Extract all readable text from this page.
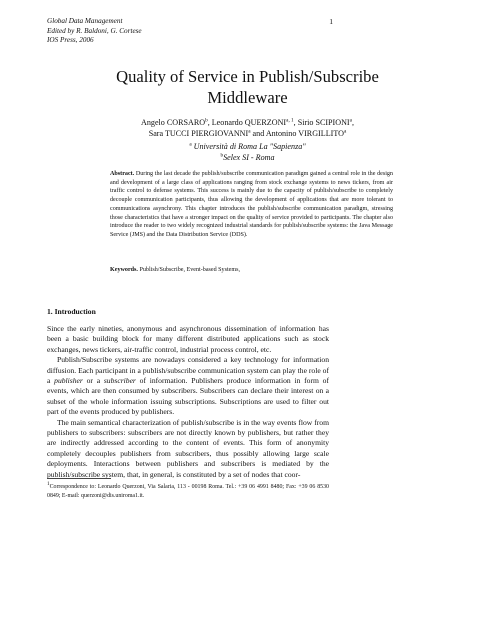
Global Data Management
Edited by R. Baldoni, G. Cortese
IOS Press, 2006
1
Quality of Service in Publish/Subscribe
Middleware
Angelo CORSARO$^b$, Leonardo QUERZONI$^{a, 1}$, Sirio SCIPIONI$^a$,
Sara TUCCI PIERGIOVANNI$^a$ and Antonino VIRGILLITO$^a$
$^a$ Università di Roma La "Sapienza"
$^b$Selex SI - Roma
Abstract. During the last decade the publish/subscribe communication paradigm gained a central role in the design and development of a large class of applications ranging from stock exchange systems to news tickers, from air traffic control to defense systems. This success is mainly due to the capacity of publish/subscribe to completely decouple communication participants, thus allowing the development of applications that are more tolerant to communications asynchrony. This chapter introduces the publish/subscribe communication paradigm, stressing those characteristics that have a stronger impact on the quality of service provided to participants. The chapter also introduce the reader to two widely recognized industrial standards for publish/subscribe systems: the Java Message Service (JMS) and the Data Distribution Service (DDS).
Keywords. Publish/Subscribe, Event-based Systems,
1. Introduction

Since the early nineties, anonymous and asynchronous dissemination of information has been a basic building block for many different distributed applications such as stock exchanges, news tickers, air-traffic control, industrial process control, etc.

Publish/Subscribe systems are nowadays considered a key technology for information diffusion. Each participant in a publish/subscribe communication system can play the role of a publisher or a subscriber of information. Publishers produce information in form of events, which are then consumed by subscribers. Subscribers can declare their interest on a subset of the whole information issuing subscriptions. Subscriptions are used to filter out part of the events produced by publishers.

The main semantical characterization of publish/subscribe is in the way events flow from publishers to subscribers: subscribers are not directly known by publishers, but rather they are indirectly addressed according to the content of events. This form of anonymity completely decouples publishers from subscribers, thus possibly allowing large scale deployments. Interactions between publishers and subscribers is mediated by the publish/subscribe system, that, in general, is constituted by a set of nodes that coor-

$^1$Correspondence to: Leonardo Querzoni, Via Salaria, 113 - 00198 Roma. Tel.: +39 06 4991 8480; Fax: +39 06 8530 0849; E-mail: querzoni@dis.uniroma1.it.
